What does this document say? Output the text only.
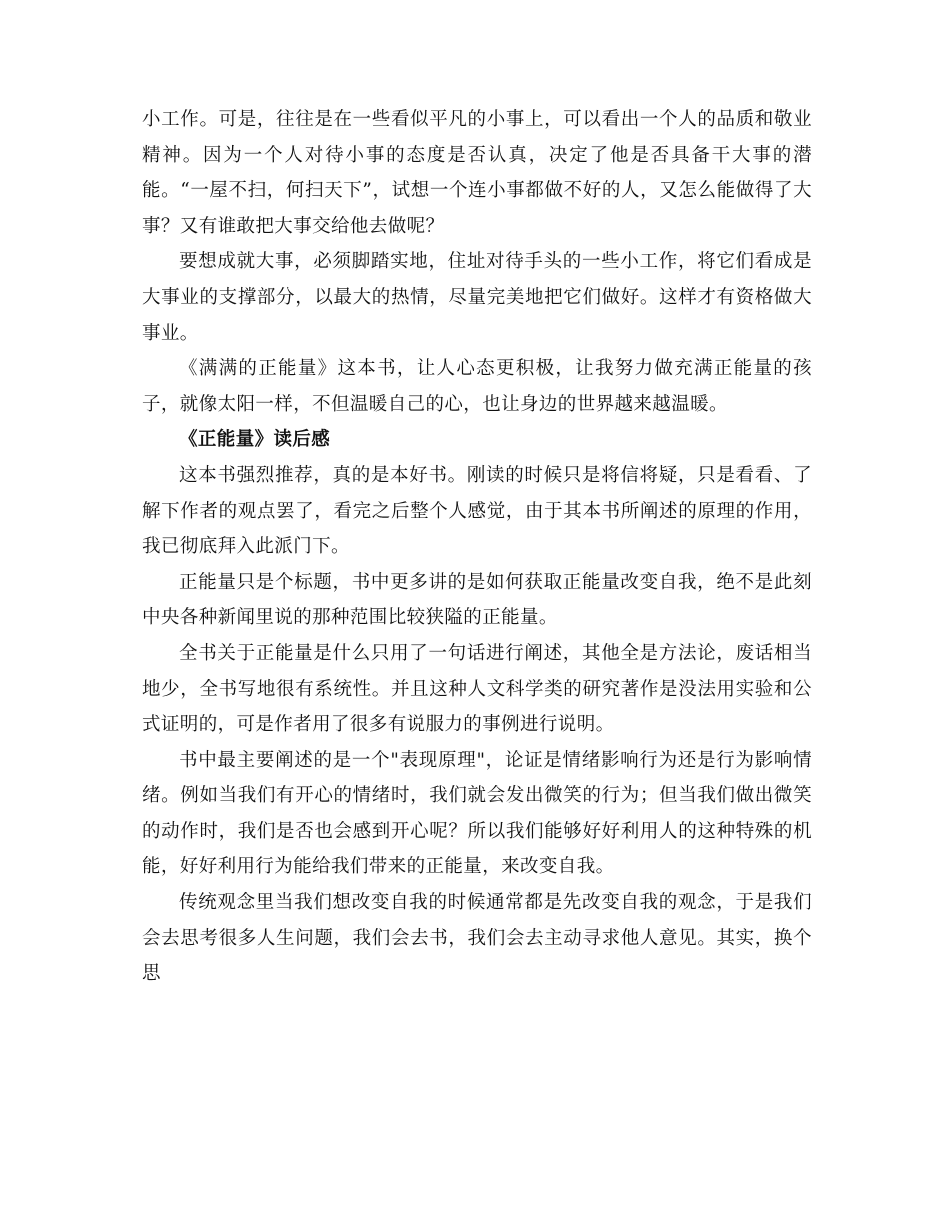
小工作。可是，往往是在一些看似平凡的小事上，可以看出一个人的品质和敬业精神。因为一个人对待小事的态度是否认真，决定了他是否具备干大事的潜能。“一屋不扫，何扫天下”，试想一个连小事都做不好的人，又怎么能做得了大事？又有谁敢把大事交给他去做呢？

要想成就大事，必须脚踏实地，住址对待手头的一些小工作，将它们看成是大事业的支撑部分，以最大的热情，尽量完美地把它们做好。这样才有资格做大事业。

《满满的正能量》这本书，让人心态更积极，让我努力做充满正能量的孩子，就像太阳一样，不但温暖自己的心，也让身边的世界越来越温暖。

《正能量》读后感

这本书强烈推荐，真的是本好书。刚读的时候只是将信将疑，只是看看、了解下作者的观点罢了，看完之后整个人感觉，由于其本书所阐述的原理的作用，我已彻底拜入此派门下。

正能量只是个标题，书中更多讲的是如何获取正能量改变自我，绝不是此刻中央各种新闻里说的那种范围比较狭隘的正能量。

全书关于正能量是什么只用了一句话进行阐述，其他全是方法论，废话相当地少，全书写地很有系统性。并且这种人文科学类的研究著作是没法用实验和公式证明的，可是作者用了很多有说服力的事例进行说明。

书中最主要阐述的是一个"表现原理"，论证是情绪影响行为还是行为影响情绪。例如当我们有开心的情绪时，我们就会发出微笑的行为；但当我们做出微笑的动作时，我们是否也会感到开心呢？所以我们能够好好利用人的这种特殊的机能，好好利用行为能给我们带来的正能量，来改变自我。

传统观念里当我们想改变自我的时候通常都是先改变自我的观念，于是我们会去思考很多人生问题，我们会去书，我们会去主动寻求他人意见。其实，换个思
